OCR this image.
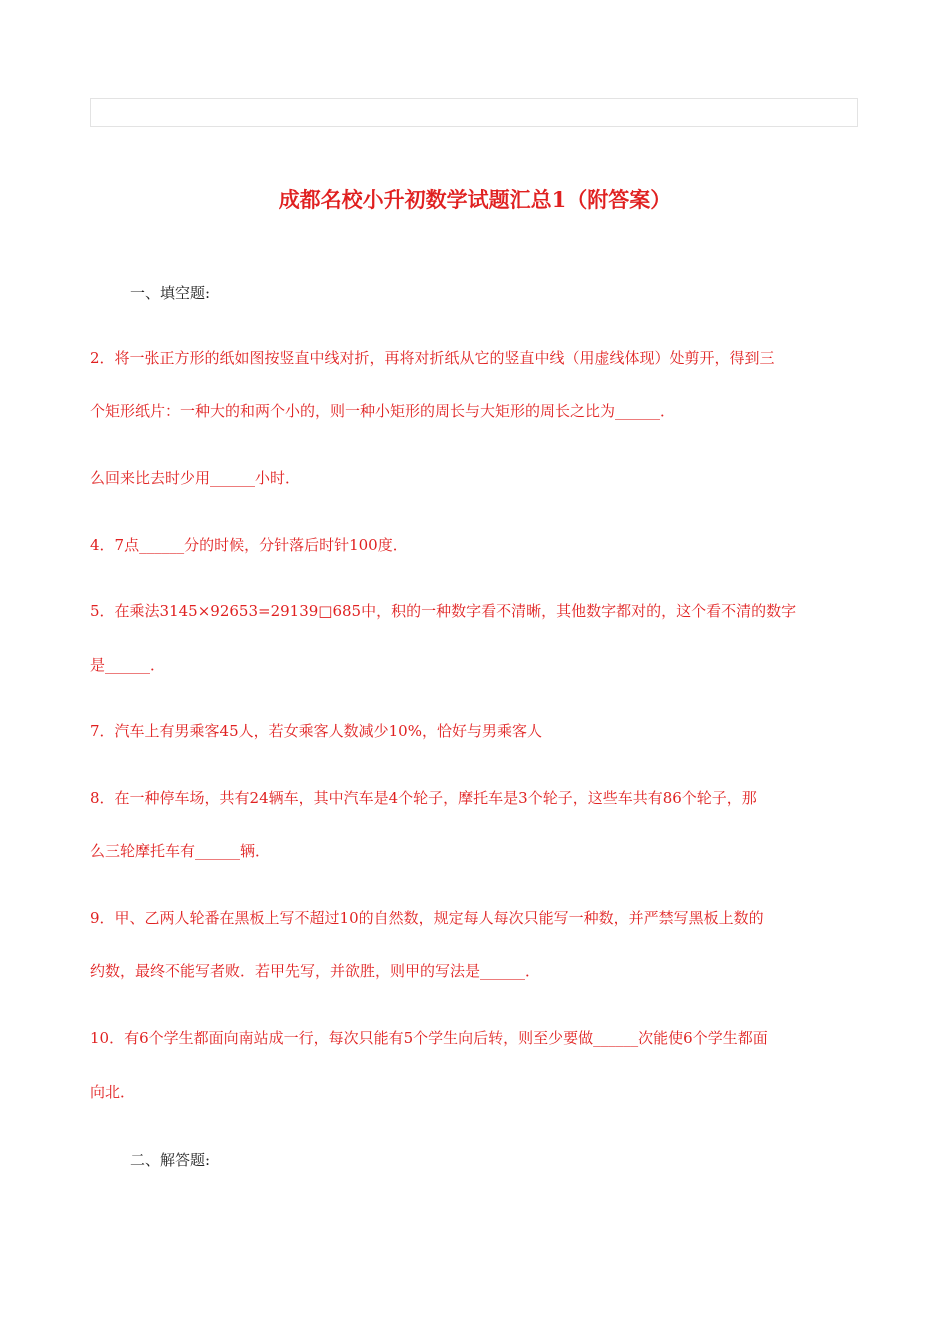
成都名校小升初数学试题汇总1（附答案）
一、填空题:
2．将一张正方形的纸如图按竖直中线对折，再将对折纸从它的竖直中线（用虚线体现）处剪开，得到三
个矩形纸片：一种大的和两个小的，则一种小矩形的周长与大矩形的周长之比为______．
么回来比去时少用______小时．
4．7点______分的时候，分针落后时针100度．
5．在乘法3145×92653=29139□685中，积的一种数字看不清晰，其他数字都对的，这个看不清的数字
是______．
7．汽车上有男乘客45人，若女乘客人数减少10%，恰好与男乘客人
8．在一种停车场，共有24辆车，其中汽车是4个轮子，摩托车是3个轮子，这些车共有86个轮子，那
么三轮摩托车有______辆．
9．甲、乙两人轮番在黑板上写不超过10的自然数，规定每人每次只能写一种数，并严禁写黑板上数的
约数，最终不能写者败．若甲先写，并欲胜，则甲的写法是______．
10．有6个学生都面向南站成一行，每次只能有5个学生向后转，则至少要做______次能使6个学生都面
向北．
二、解答题:
